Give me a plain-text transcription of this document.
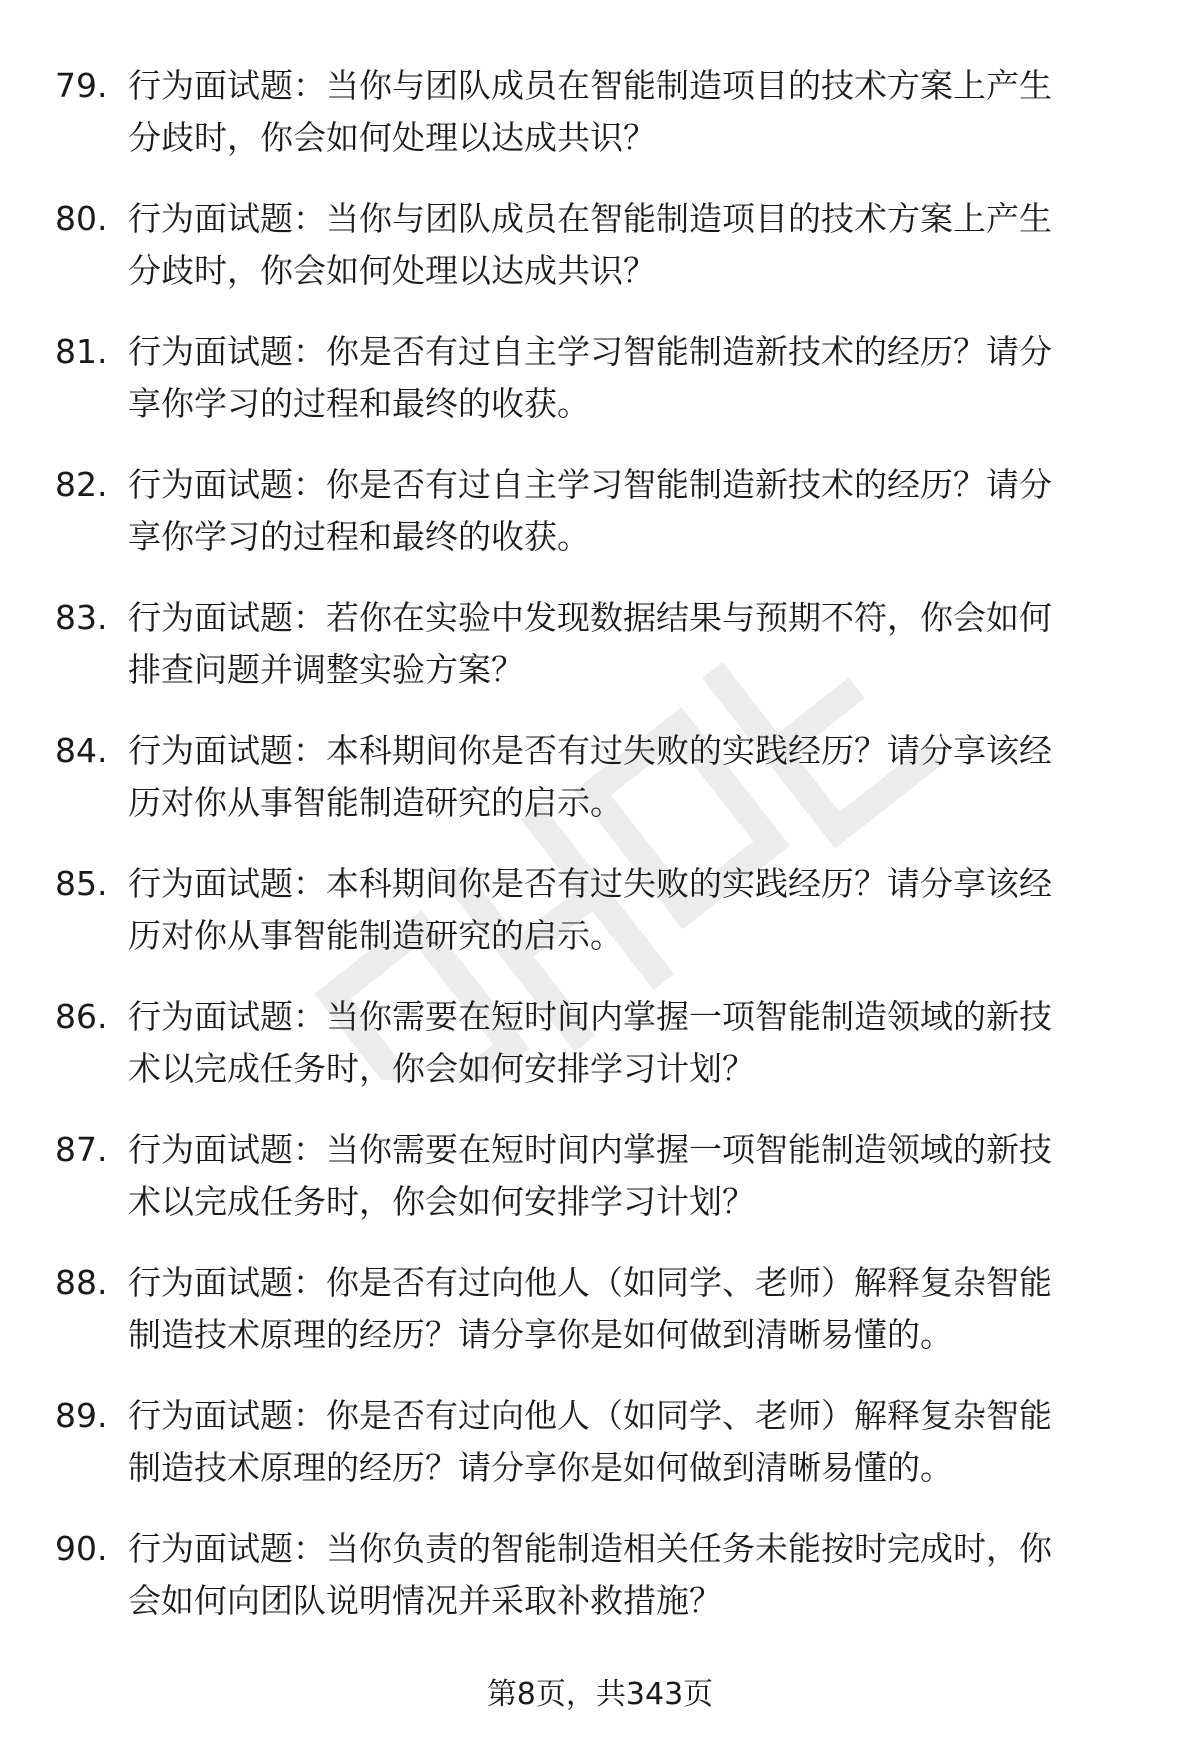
79. 行为面试题：当你与团队成员在智能制造项目的技术方案上产生
分歧时，你会如何处理以达成共识？
80. 行为面试题：当你与团队成员在智能制造项目的技术方案上产生
分歧时，你会如何处理以达成共识？
81. 行为面试题：你是否有过自主学习智能制造新技术的经历？请分
享你学习的过程和最终的收获。
82. 行为面试题：你是否有过自主学习智能制造新技术的经历？请分
享你学习的过程和最终的收获。
83. 行为面试题：若你在实验中发现数据结果与预期不符，你会如何
排查问题并调整实验方案？
84. 行为面试题：本科期间你是否有过失败的实践经历？请分享该经
历对你从事智能制造研究的启示。
85. 行为面试题：本科期间你是否有过失败的实践经历？请分享该经
历对你从事智能制造研究的启示。
86. 行为面试题：当你需要在短时间内掌握一项智能制造领域的新技
术以完成任务时，你会如何安排学习计划？
87. 行为面试题：当你需要在短时间内掌握一项智能制造领域的新技
术以完成任务时，你会如何安排学习计划？
88. 行为面试题：你是否有过向他人（如同学、老师）解释复杂智能
制造技术原理的经历？请分享你是如何做到清晰易懂的。
89. 行为面试题：你是否有过向他人（如同学、老师）解释复杂智能
制造技术原理的经历？请分享你是如何做到清晰易懂的。
90. 行为面试题：当你负责的智能制造相关任务未能按时完成时，你
会如何向团队说明情况并采取补救措施？
第8页，共343页
